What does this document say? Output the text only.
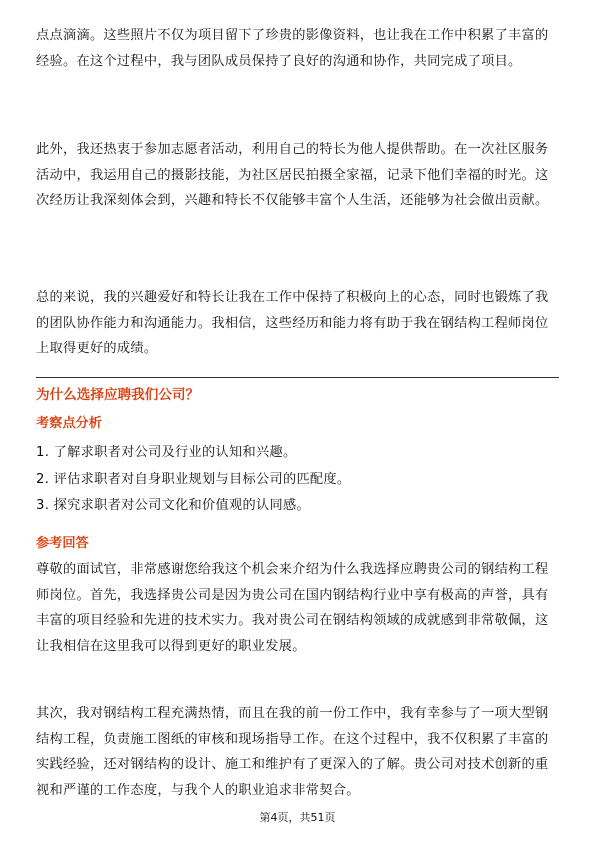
点点滴滴。这些照片不仅为项目留下了珍贵的影像资料，也让我在工作中积累了丰富的经验。在这个过程中，我与团队成员保持了良好的沟通和协作，共同完成了项目。

此外，我还热衷于参加志愿者活动，利用自己的特长为他人提供帮助。在一次社区服务活动中，我运用自己的摄影技能，为社区居民拍摄全家福，记录下他们幸福的时光。这次经历让我深刻体会到，兴趣和特长不仅能够丰富个人生活，还能够为社会做出贡献。

总的来说，我的兴趣爱好和特长让我在工作中保持了积极向上的心态，同时也锻炼了我的团队协作能力和沟通能力。我相信，这些经历和能力将有助于我在钢结构工程师岗位上取得更好的成绩。

为什么选择应聘我们公司？
考察点分析
1. 了解求职者对公司及行业的认知和兴趣。
2. 评估求职者对自身职业规划与目标公司的匹配度。
3. 探究求职者对公司文化和价值观的认同感。
参考回答

尊敬的面试官，非常感谢您给我这个机会来介绍为什么我选择应聘贵公司的钢结构工程师岗位。首先，我选择贵公司是因为贵公司在国内钢结构行业中享有极高的声誉，具有丰富的项目经验和先进的技术实力。我对贵公司在钢结构领域的成就感到非常敬佩，这让我相信在这里我可以得到更好的职业发展。

其次，我对钢结构工程充满热情，而且在我的前一份工作中，我有幸参与了一项大型钢结构工程，负责施工图纸的审核和现场指导工作。在这个过程中，我不仅积累了丰富的实践经验，还对钢结构的设计、施工和维护有了更深入的了解。贵公司对技术创新的重视和严谨的工作态度，与我个人的职业追求非常契合。

第4页，共51页
